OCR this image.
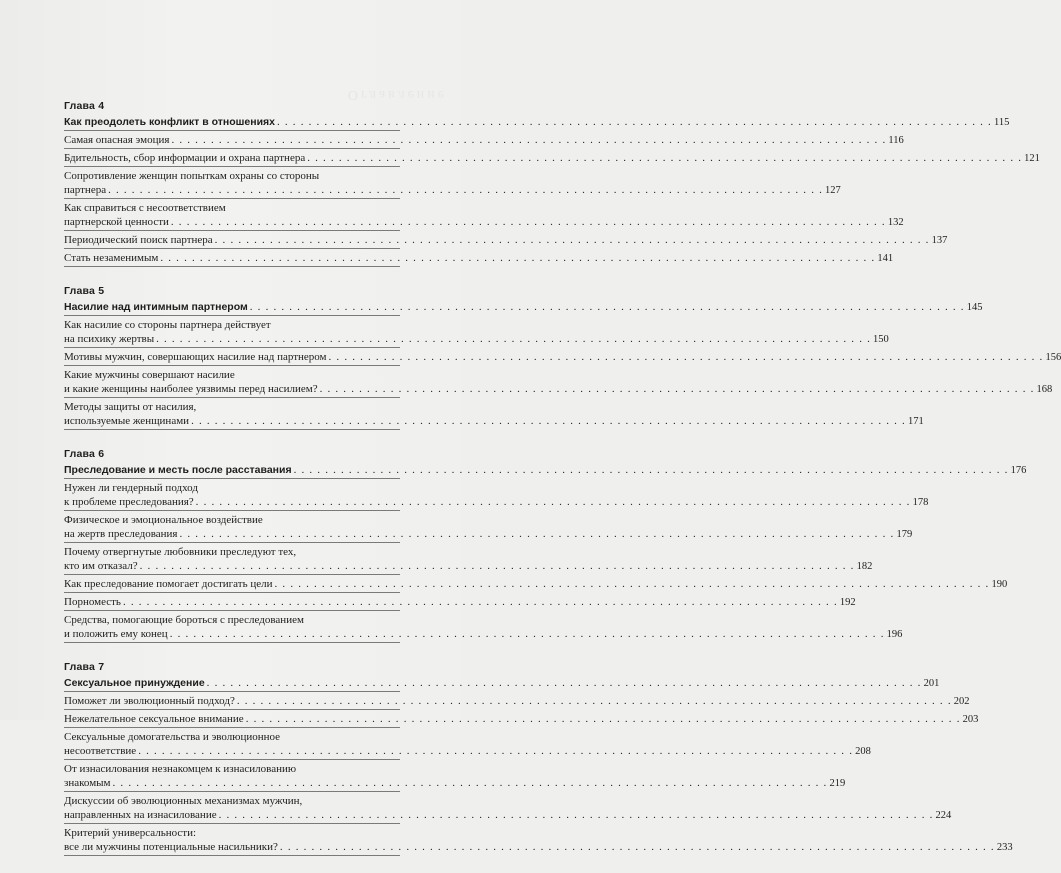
Оглавление
Глава 4
Как преодолеть конфликт в отношениях . . .	115
Самая опасная эмоция . . .	116
Бдительность, сбор информации и охрана партнера . . .	121
Сопротивление женщин попыткам охраны со стороны
партнера . . .	127
Как справиться с несоответствием
партнерской ценности . . .	132
Периодический поиск партнера . . .	137
Стать незаменимым . . .	141
Глава 5
Насилие над интимным партнером . . .	145
Как насилие со стороны партнера действует
на психику жертвы . . .	150
Мотивы мужчин, совершающих насилие над партнером . . .	156
Какие мужчины совершают насилие
и какие женщины наиболее уязвимы перед насилием? . . .	168
Методы защиты от насилия,
используемые женщинами . . .	171
Глава 6
Преследование и месть после расставания . . .	176
Нужен ли гендерный подход
к проблеме преследования? . . .	178
Физическое и эмоциональное воздействие
на жертв преследования . . .	179
Почему отвергнутые любовники преследуют тех,
кто им отказал? . . .	182
Как преследование помогает достигать цели . . .	190
Порноместь . . .	192
Средства, помогающие бороться с преследованием
и положить ему конец . . .	196
Глава 7
Сексуальное принуждение . . .	201
Поможет ли эволюционный подход? . . .	202
Нежелательное сексуальное внимание . . .	203
Сексуальные домогательства и эволюционное
несоответствие . . .	208
От изнасилования незнакомцем к изнасилованию
знакомым . . .	219
Дискуссии об эволюционных механизмах мужчин,
направленных на изнасилование . . .	224
Критерий универсальности:
все ли мужчины потенциальные насильники? . . .	233
